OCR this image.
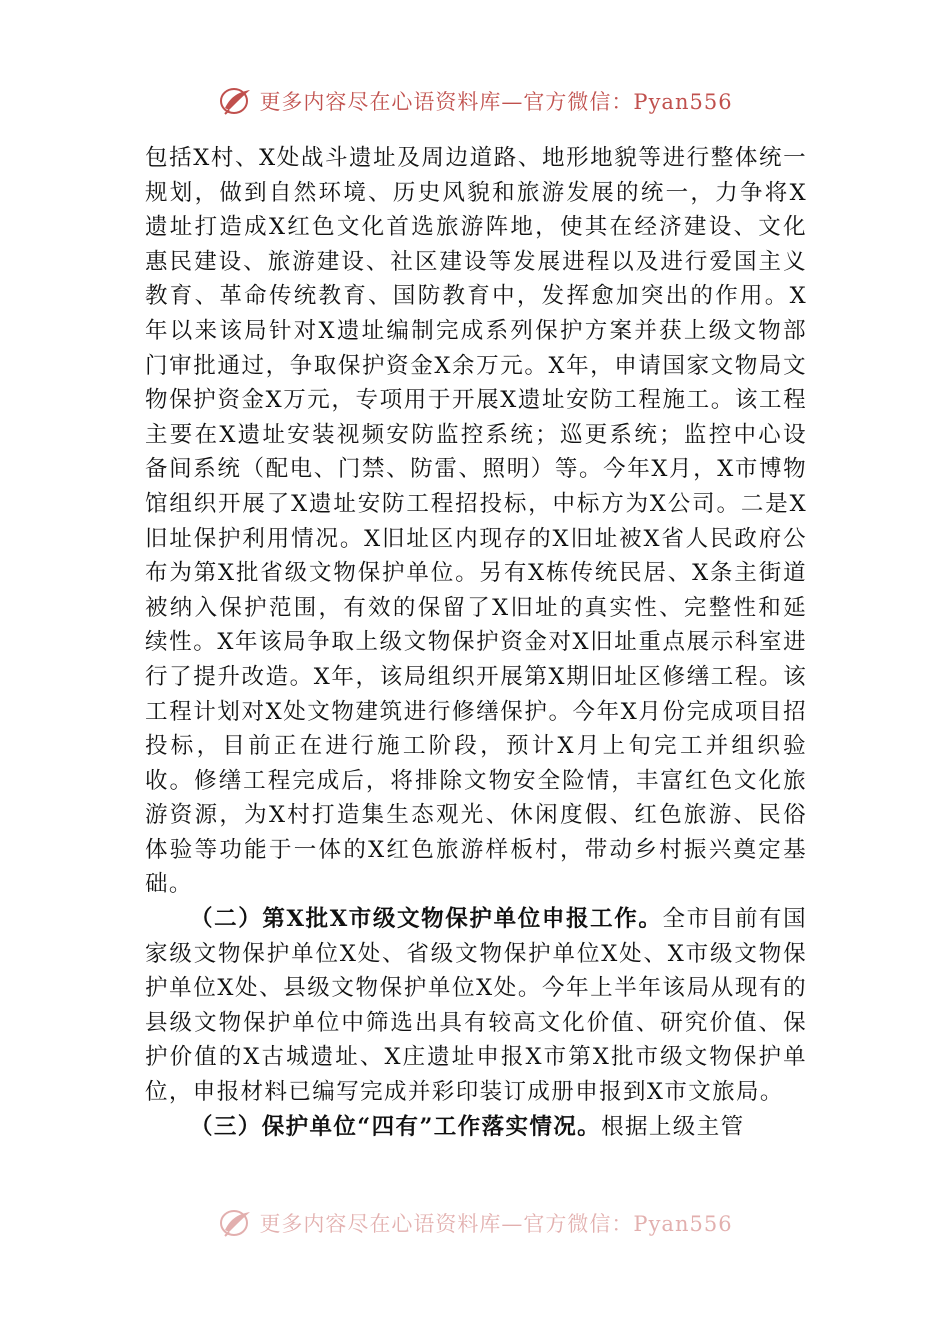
更多内容尽在心语资料库—官方微信：Pyan556

包括X村、X处战斗遗址及周边道路、地形地貌等进行整体统一规划，做到自然环境、历史风貌和旅游发展的统一，力争将X遗址打造成X红色文化首选旅游阵地，使其在经济建设、文化惠民建设、旅游建设、社区建设等发展进程以及进行爱国主义教育、革命传统教育、国防教育中，发挥愈加突出的作用。X年以来该局针对X遗址编制完成系列保护方案并获上级文物部门审批通过，争取保护资金X余万元。X年，申请国家文物局文物保护资金X万元，专项用于开展X遗址安防工程施工。该工程主要在X遗址安装视频安防监控系统；巡更系统；监控中心设备间系统（配电、门禁、防雷、照明）等。今年X月，X市博物馆组织开展了X遗址安防工程招投标，中标方为X公司。二是X旧址保护利用情况。X旧址区内现存的X旧址被X省人民政府公布为第X批省级文物保护单位。另有X栋传统民居、X条主街道被纳入保护范围，有效的保留了X旧址的真实性、完整性和延续性。X年该局争取上级文物保护资金对X旧址重点展示科室进行了提升改造。X年，该局组织开展第X期旧址区修缮工程。该工程计划对X处文物建筑进行修缮保护。今年X月份完成项目招投标，目前正在进行施工阶段，预计X月上旬完工并组织验收。修缮工程完成后，将排除文物安全险情，丰富红色文化旅游资源，为X村打造集生态观光、休闲度假、红色旅游、民俗体验等功能于一体的X红色旅游样板村，带动乡村振兴奠定基础。

（二）第X批X市级文物保护单位申报工作。全市目前有国家级文物保护单位X处、省级文物保护单位X处、X市级文物保护单位X处、县级文物保护单位X处。今年上半年该局从现有的县级文物保护单位中筛选出具有较高文化价值、研究价值、保护价值的X古城遗址、X庄遗址申报X市第X批市级文物保护单位，申报材料已编写完成并彩印装订成册申报到X市文旅局。

（三）保护单位“四有”工作落实情况。根据上级主管

更多内容尽在心语资料库—官方微信：Pyan556
